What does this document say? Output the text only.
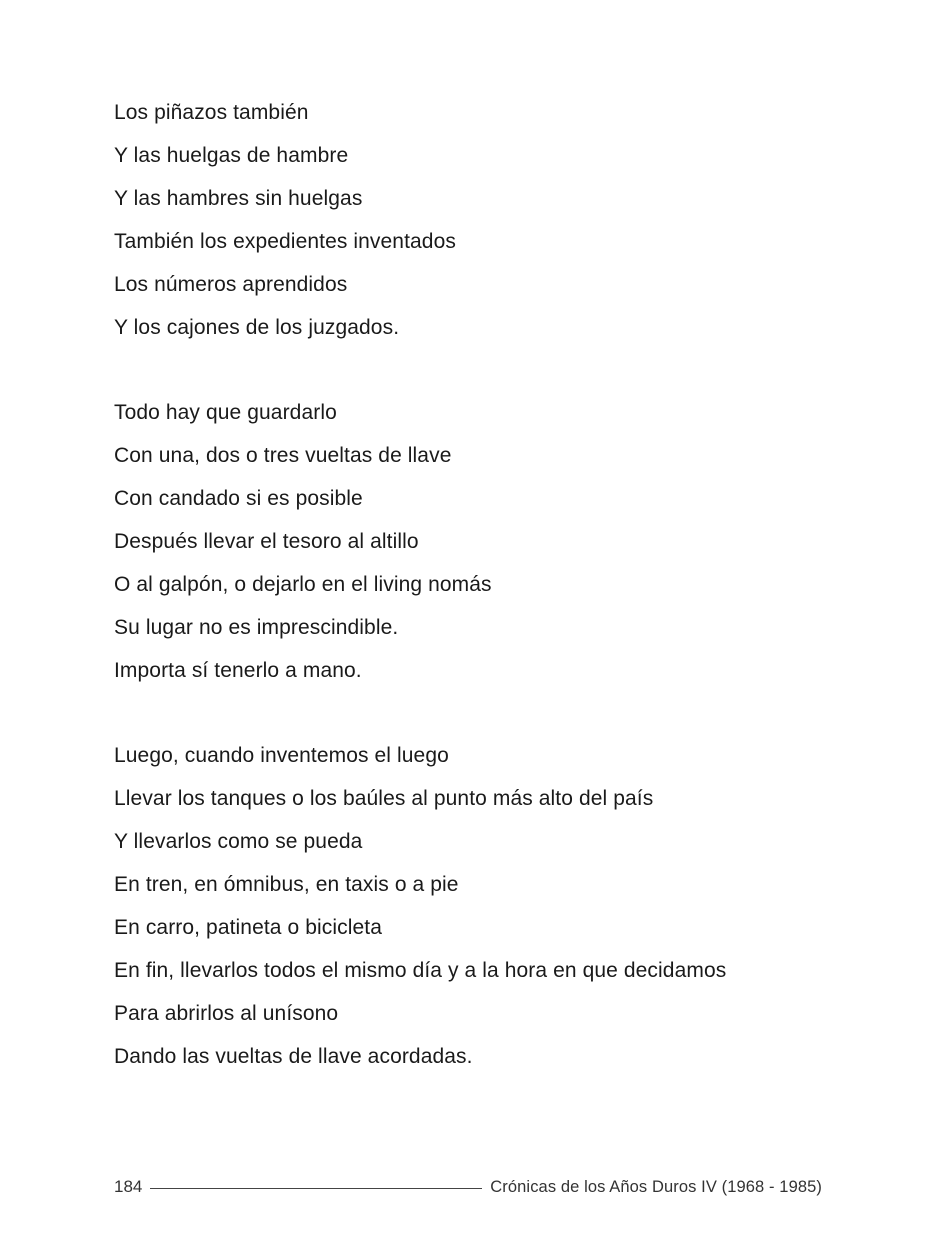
Los piñazos también
Y las huelgas de hambre
Y las hambres sin huelgas
También los expedientes inventados
Los números aprendidos
Y los cajones de los juzgados.
Todo hay que guardarlo
Con una, dos o tres vueltas de llave
Con candado si es posible
Después llevar el tesoro al altillo
O al galpón, o dejarlo en el living nomás
Su lugar no es imprescindible.
Importa sí tenerlo a mano.
Luego, cuando inventemos el luego
Llevar los tanques o los baúles al punto más alto del país
Y llevarlos como se pueda
En tren, en ómnibus, en taxis o a pie
En carro, patineta o bicicleta
En fin, llevarlos todos el mismo día y a la hora en que decidamos
Para abrirlos al unísono
Dando las vueltas de llave acordadas.
184	Crónicas de los Años Duros IV (1968 - 1985)
